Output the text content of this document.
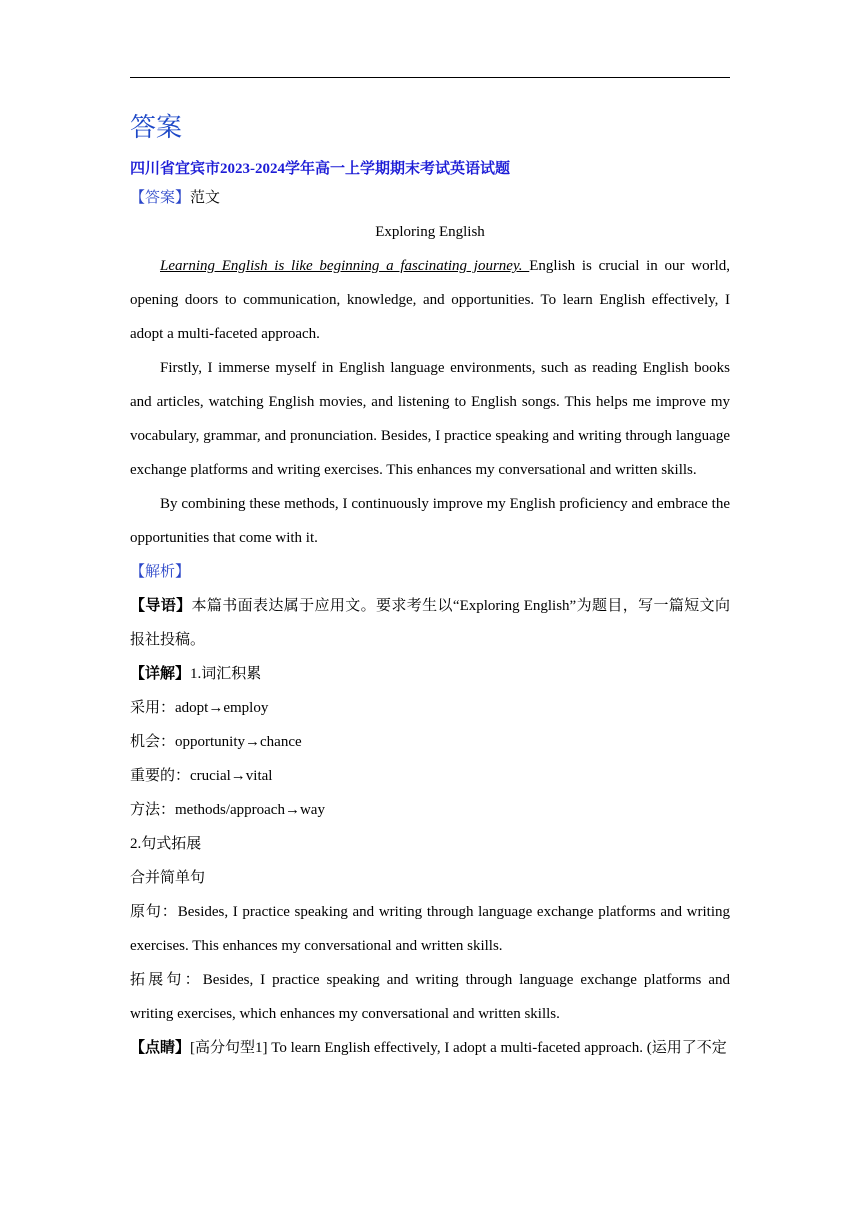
答案
四川省宜宾市2023-2024学年高一上学期期末考试英语试题
【答案】范文
Exploring English
Learning English is like beginning a fascinating journey. English is crucial in our world, opening doors to communication, knowledge, and opportunities. To learn English effectively, I adopt a multi-faceted approach.
Firstly, I immerse myself in English language environments, such as reading English books and articles, watching English movies, and listening to English songs. This helps me improve my vocabulary, grammar, and pronunciation. Besides, I practice speaking and writing through language exchange platforms and writing exercises. This enhances my conversational and written skills.
By combining these methods, I continuously improve my English proficiency and embrace the opportunities that come with it.
【解析】
【导语】本篇书面表达属于应用文。要求考生以“Exploring English”为题目，写一篇短文向报社投稿。
【详解】1.词汇积累
采用：adopt→employ
机会：opportunity→chance
重要的：crucial→vital
方法：methods/approach→way
2.句式拓展
合并简单句
原句：Besides, I practice speaking and writing through language exchange platforms and writing exercises. This enhances my conversational and written skills.
拓展句：Besides, I practice speaking and writing through language exchange platforms and writing exercises, which enhances my conversational and written skills.
【点睛】[高分句型1] To learn English effectively, I adopt a multi-faceted approach. (运用了不定
